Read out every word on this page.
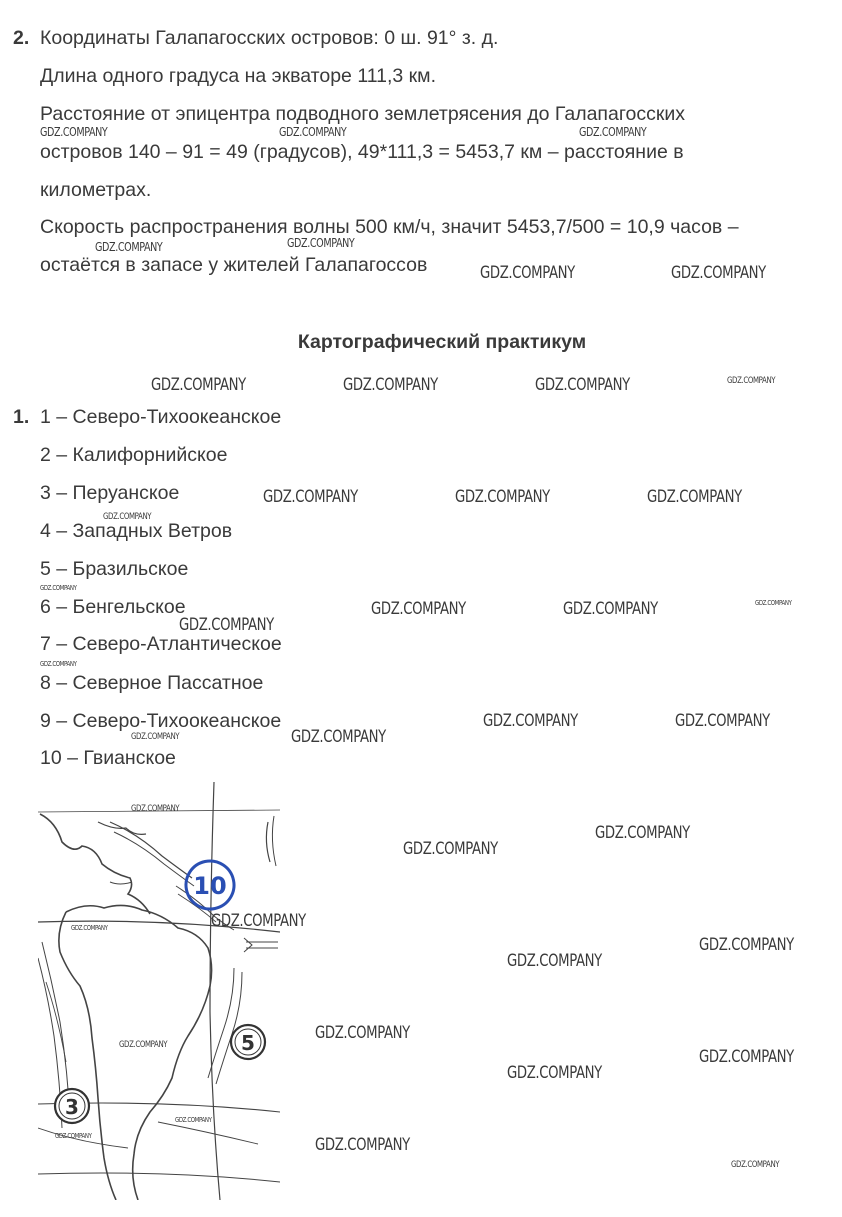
2. Координаты Галапагосских островов: 0 ш. 91° з. д.
Длина одного градуса на экваторе 111,3 км.
Расстояние от эпицентра подводного землетрясения до Галапагосских
островов 140 – 91 = 49 (градусов), 49*111,3 = 5453,7 км – расстояние в
километрах.
Скорость распространения волны 500 км/ч, значит 5453,7/500 = 10,9 часов –
остаётся в запасе у жителей Галапагоссов
Картографический практикум
1. 1 – Северо-Тихоокеанское
2 – Калифорнийское
3 – Перуанское
4 – Западных Ветров
5 – Бразильское
6 – Бенгельское
7 – Северо-Атлантическое
8 – Северное Пассатное
9 – Северо-Тихоокеанское
10 – Гвианское
10
5
3
GDZ.COMPANY	GDZ.COMPANY	GDZ.COMPANY
GDZ.COMPANY	GDZ.COMPANY
GDZ.COMPANY	GDZ.COMPANY
GDZ.COMPANY	GDZ.COMPANY	GDZ.COMPANY	GDZ.COMPANY
GDZ.COMPANY	GDZ.COMPANY	GDZ.COMPANY
GDZ.COMPANY
GDZ.COMPANY
GDZ.COMPANY	GDZ.COMPANY	GDZ.COMPANY
GDZ.COMPANY
GDZ.COMPANY
GDZ.COMPANY	GDZ.COMPANY
GDZ.COMPANY	GDZ.COMPANY
GDZ.COMPANY
GDZ.COMPANY
GDZ.COMPANY
GDZ.COMPANY
GDZ.COMPANY
GDZ.COMPANY
GDZ.COMPANY
GDZ.COMPANY
GDZ.COMPANY
GDZ.COMPANY
GDZ.COMPANY
GDZ.COMPANY
GDZ.COMPANY	GDZ.COMPANY
GDZ.COMPANY
